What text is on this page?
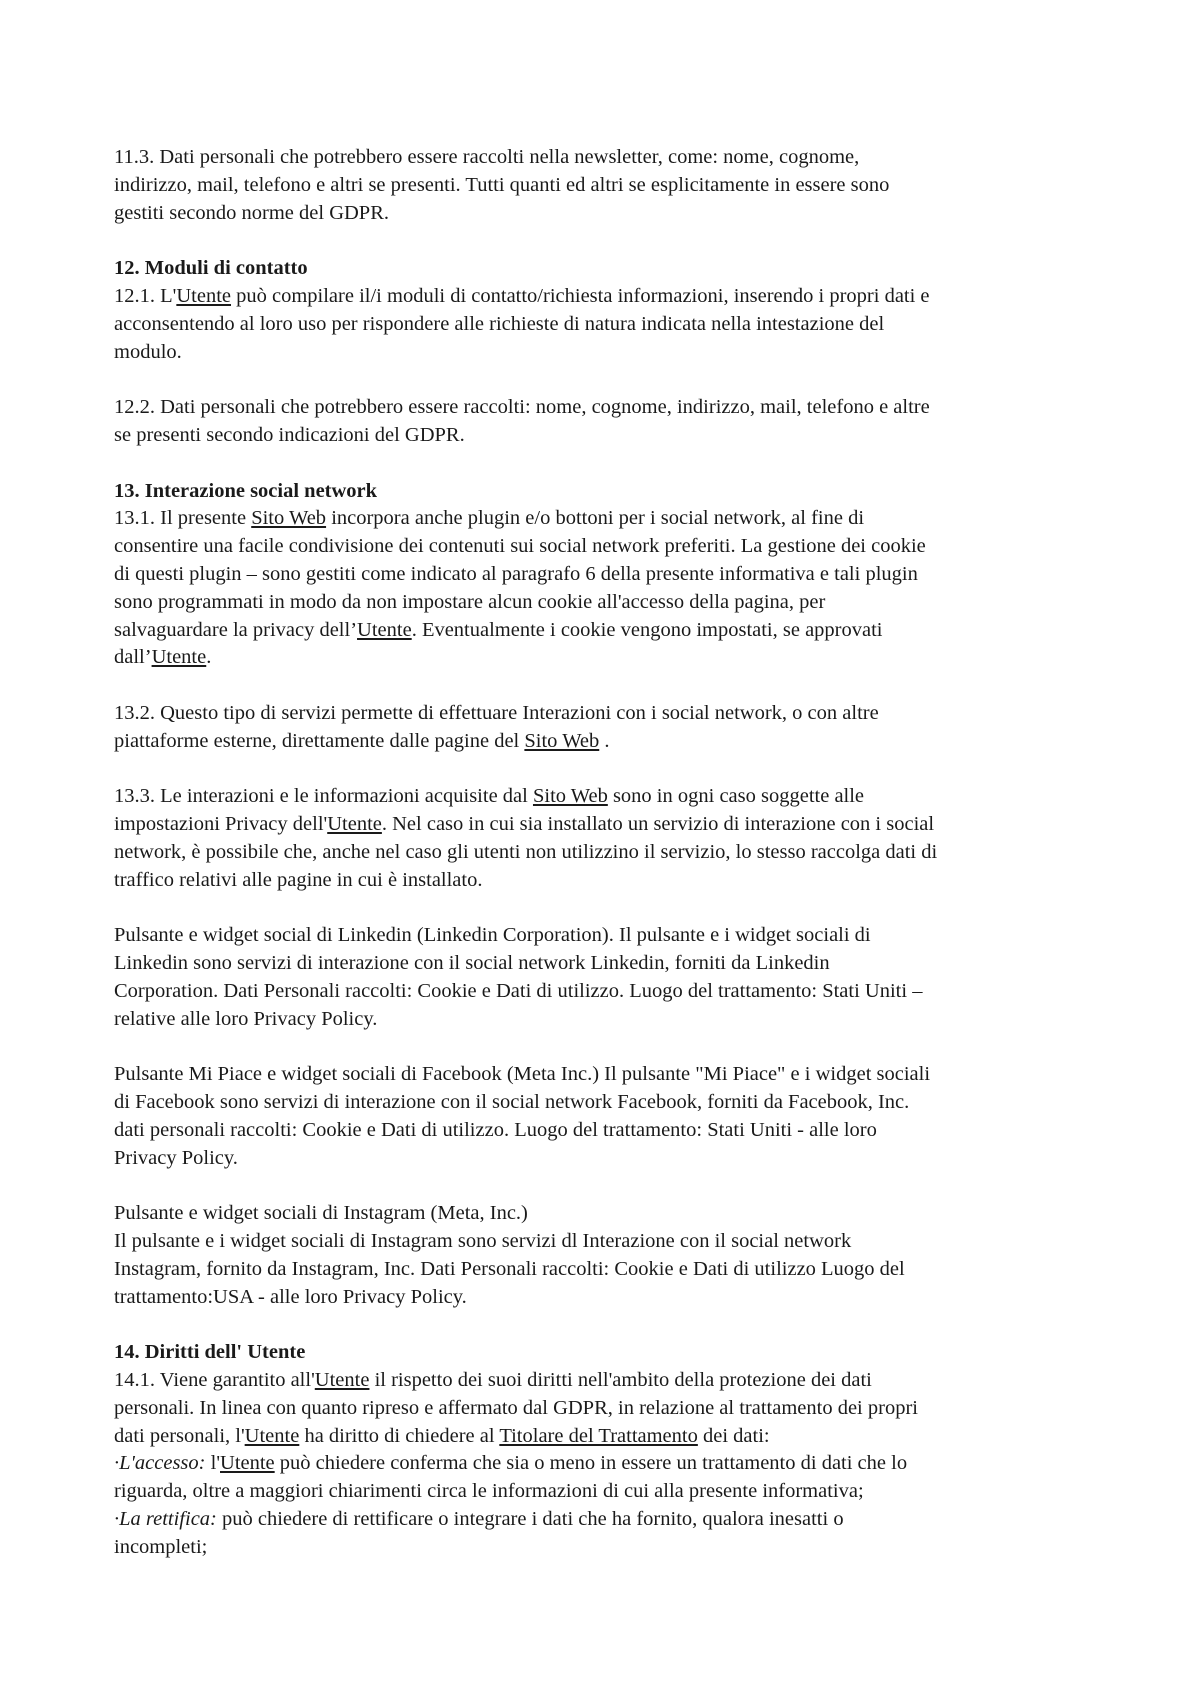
11.3. Dati personali che potrebbero essere raccolti nella newsletter, come: nome, cognome,
indirizzo, mail, telefono e altri se presenti. Tutti quanti ed altri se esplicitamente in essere sono
gestiti secondo norme del GDPR.
12. Moduli di contatto
12.1. L'Utente può compilare il/i moduli di contatto/richiesta informazioni, inserendo i propri dati e
acconsentendo al loro uso per rispondere alle richieste di natura indicata nella intestazione del
modulo.
12.2. Dati personali che potrebbero essere raccolti: nome, cognome, indirizzo, mail, telefono e altre
se presenti secondo indicazioni del GDPR.
13. Interazione social network
13.1. Il presente Sito Web incorpora anche plugin e/o bottoni per i social network, al fine di
consentire una facile condivisione dei contenuti sui social network preferiti. La gestione dei cookie
di questi plugin – sono gestiti come indicato al paragrafo 6 della presente informativa e tali plugin
sono programmati in modo da non impostare alcun cookie all'accesso della pagina, per
salvaguardare la privacy dell’Utente. Eventualmente i cookie vengono impostati, se approvati
dall’Utente.
13.2. Questo tipo di servizi permette di effettuare Interazioni con i social network, o con altre
piattaforme esterne, direttamente dalle pagine del Sito Web .
13.3. Le interazioni e le informazioni acquisite dal Sito Web sono in ogni caso soggette alle
impostazioni Privacy dell'Utente. Nel caso in cui sia installato un servizio di interazione con i social
network, è possibile che, anche nel caso gli utenti non utilizzino il servizio, lo stesso raccolga dati di
traffico relativi alle pagine in cui è installato.
Pulsante e widget social di Linkedin (Linkedin Corporation). Il pulsante e i widget sociali di
Linkedin sono servizi di interazione con il social network Linkedin, forniti da Linkedin
Corporation. Dati Personali raccolti: Cookie e Dati di utilizzo. Luogo del trattamento: Stati Uniti –
relative alle loro Privacy Policy.
Pulsante Mi Piace e widget sociali di Facebook (Meta Inc.) Il pulsante "Mi Piace" e i widget sociali
di Facebook sono servizi di interazione con il social network Facebook, forniti da Facebook, Inc.
dati personali raccolti: Cookie e Dati di utilizzo. Luogo del trattamento: Stati Uniti - alle loro
Privacy Policy.
Pulsante e widget sociali di Instagram (Meta, Inc.)
Il pulsante e i widget sociali di Instagram sono servizi dl Interazione con il social network
Instagram, fornito da Instagram, Inc. Dati Personali raccolti: Cookie e Dati di utilizzo Luogo del
trattamento:USA - alle loro Privacy Policy.
14. Diritti dell' Utente
14.1. Viene garantito all'Utente il rispetto dei suoi diritti nell'ambito della protezione dei dati
personali. In linea con quanto ripreso e affermato dal GDPR, in relazione al trattamento dei propri
dati personali, l'Utente ha diritto di chiedere al Titolare del Trattamento dei dati:
·L'accesso: l'Utente può chiedere conferma che sia o meno in essere un trattamento di dati che lo
riguarda, oltre a maggiori chiarimenti circa le informazioni di cui alla presente informativa;
·La rettifica: può chiedere di rettificare o integrare i dati che ha fornito, qualora inesatti o
incompleti;
